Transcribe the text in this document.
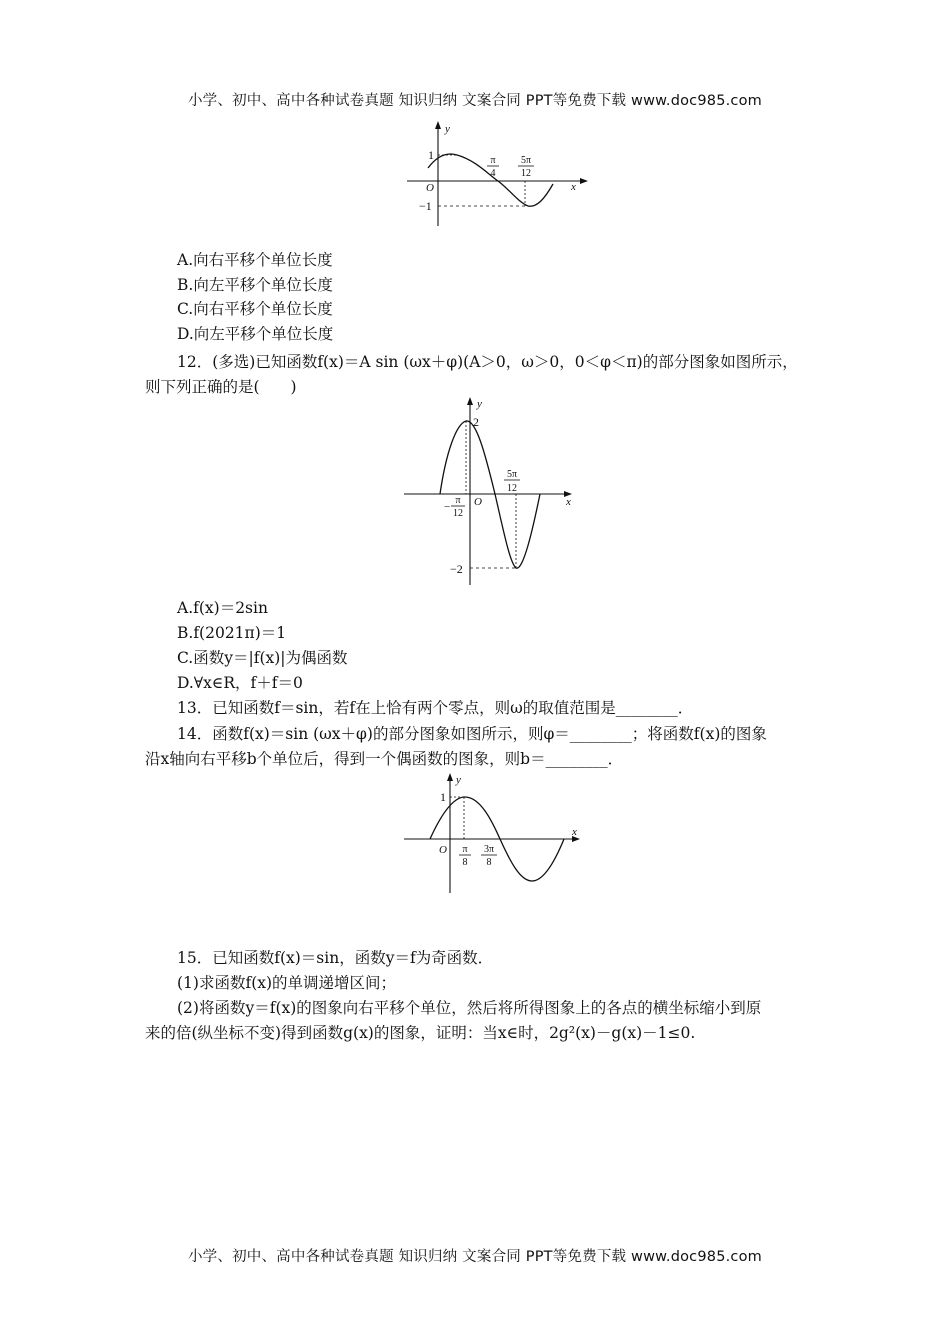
小学、初中、高中各种试卷真题 知识归纳 文案合同 PPT等免费下载 www.doc985.com
y
x
O
1
−1
π
4
5π
12
A.向右平移个单位长度
B.向左平移个单位长度
C.向右平移个单位长度
D.向左平移个单位长度
12．(多选)已知函数f(x)＝A sin (ωx＋φ)(A＞0，ω＞0，0＜φ＜π)的部分图象如图所示，
则下列正确的是(　　)
y
x
O
2
−2
−
π
12
5π
12
A.f(x)＝2sin
B.f(2021π)＝1
C.函数y＝|f(x)|为偶函数
D.∀x∈R，f＋f＝0
13．已知函数f＝sin，若f在上恰有两个零点，则ω的取值范围是________．
14．函数f(x)＝sin (ωx＋φ)的部分图象如图所示，则φ＝________；将函数f(x)的图象
沿x轴向右平移b个单位后，得到一个偶函数的图象，则b＝________．
y
x
O
1
π
8
3π
8
15．已知函数f(x)＝sin，函数y＝f为奇函数．
(1)求函数f(x)的单调递增区间；
(2)将函数y＝f(x)的图象向右平移个单位，然后将所得图象上的各点的横坐标缩小到原
来的倍(纵坐标不变)得到函数g(x)的图象，证明：当x∈时，2g²(x)－g(x)－1≤0.
小学、初中、高中各种试卷真题 知识归纳 文案合同 PPT等免费下载 www.doc985.com
